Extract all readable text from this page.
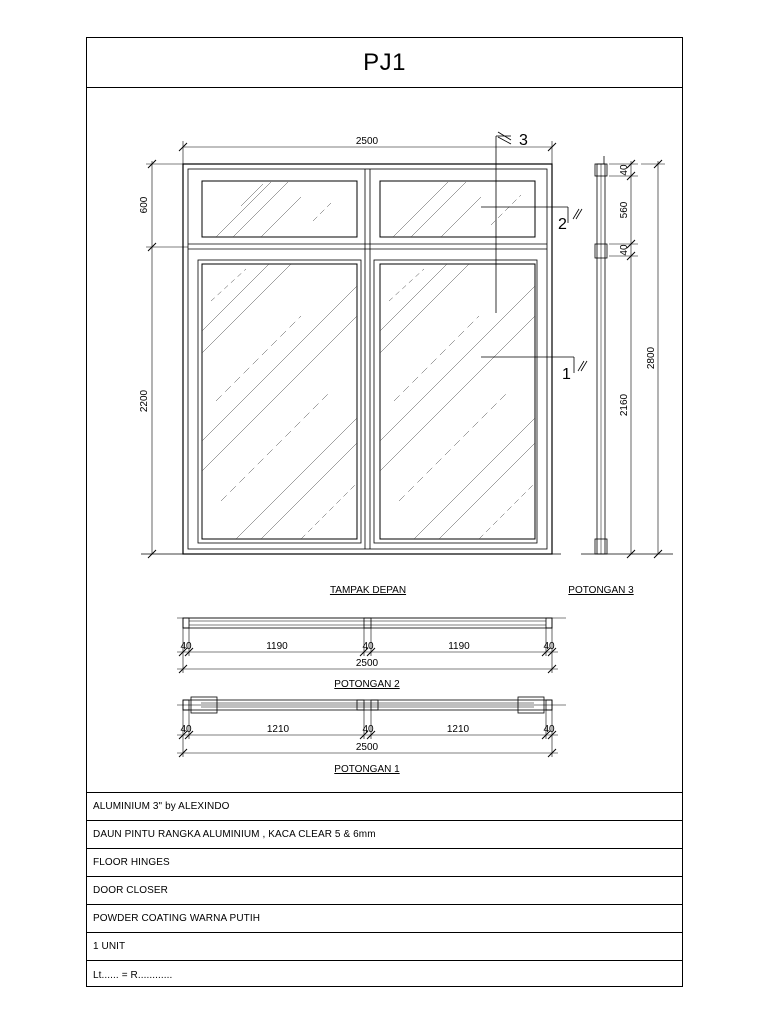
PJ1
2500
600
2200
3
2
1
40
560
40
2160
2800
TAMPAK DEPAN	POTONGAN 3
40	1190	40	1190	40
2500
POTONGAN 2
40	1210	40	1210	40
2500
POTONGAN 1
ALUMINIUM 3" by ALEXINDO
DAUN PINTU RANGKA ALUMINIUM , KACA CLEAR 5 & 6mm
FLOOR HINGES
DOOR CLOSER
POWDER COATING WARNA PUTIH
1 UNIT
Lt...... = R............
